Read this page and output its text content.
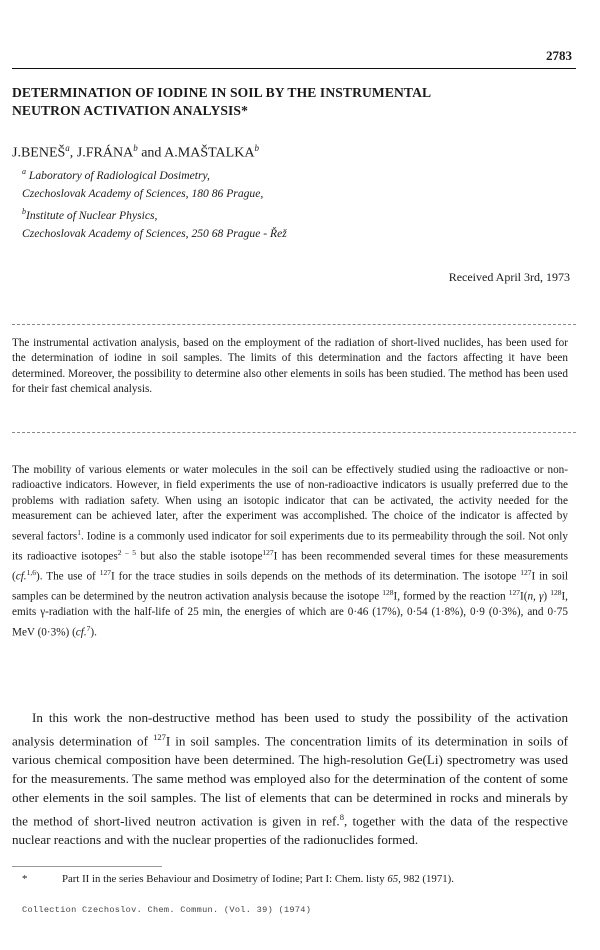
2783
DETERMINATION OF IODINE IN SOIL BY THE INSTRUMENTAL
NEUTRON ACTIVATION ANALYSIS*
J.BENEŠ$^a$, J.FRÁNA$^b$ and A.MAŠTALKA$^b$
$^a$ Laboratory of Radiological Dosimetry,
Czechoslovak Academy of Sciences, 180 86 Prague,
$^b$Institute of Nuclear Physics,
Czechoslovak Academy of Sciences, 250 68 Prague - Řež
Received April 3rd, 1973
The instrumental activation analysis, based on the employment of the radiation of short-lived nuclides, has been used for the determination of iodine in soil samples. The limits of this determination and the factors affecting it have been determined. Moreover, the possibility to determine also other elements in soils has been studied. The method has been used for their fast chemical analysis.
The mobility of various elements or water molecules in the soil can be effectively studied using the radioactive or non-radioactive indicators. However, in field experiments the use of non-radioactive indicators is usually preferred due to the problems with radiation safety. When using an isotopic indicator that can be activated, the activity needed for the measurement can be achieved later, after the experiment was accomplished. The choice of the indicator is affected by several factors$^1$. Iodine is a commonly used indicator for soil experiments due to its permeability through the soil. Not only its radioactive isotopes$^{2 - 5}$ but also the stable isotope$^{127}$I has been recommended several times for these measurements (cf.$^{1,6}$). The use of $^{127}$I for the trace studies in soils depends on the methods of its determination. The isotope $^{127}$I in soil samples can be determined by the neutron activation analysis because the isotope $^{128}$I, formed by the reaction $^{127}$I(n, γ) $^{128}$I, emits γ-radiation with the half-life of 25 min, the energies of which are 0·46 (17%), 0·54 (1·8%), 0·9 (0·3%), and 0·75 MeV (0·3%) (cf.$^7$).
In this work the non-destructive method has been used to study the possibility of the activation analysis determination of $^{127}$I in soil samples. The concentration limits of its determination in soils of various chemical composition have been determined. The high-resolution Ge(Li) spectrometry was used for the measurements. The same method was employed also for the determination of the content of some other elements in the soil samples. The list of elements that can be determined in rocks and minerals by the method of short-lived neutron activation is given in ref.$^8$, together with the data of the respective nuclear reactions and with the nuclear properties of the radionuclides formed.
*	Part II in the series Behaviour and Dosimetry of Iodine; Part I: Chem. listy 65, 982 (1971).
Collection Czechoslov. Chem. Commun. (Vol. 39) (1974)
